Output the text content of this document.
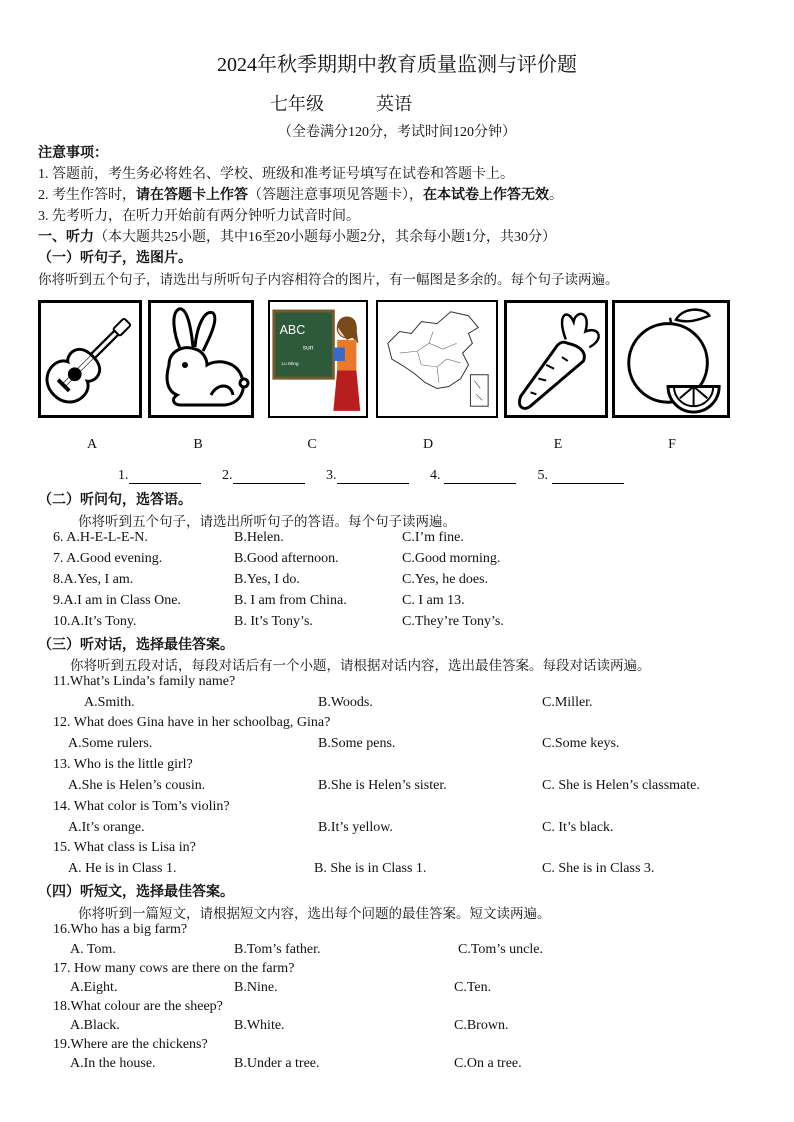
2024年秋季期期中教育质量监测与评价题
七年级	英语
（全卷满分120分，考试时间120分钟）
注意事项：
1. 答题前，考生务必将姓名、学校、班级和准考证号填写在试卷和答题卡上。
2. 考生作答时，请在答题卡上作答（答题注意事项见答题卡），在本试卷上作答无效。
3. 先考听力，在听力开始前有两分钟听力试音时间。
一、听力（本大题共25小题，其中16至20小题每小题2分，其余每小题1分，共30分）
（一）听句子，选图片。
你将听到五个句子，请选出与所听句子内容相符合的图片，有一幅图是多余的。每个句子读两遍。
ABC
sun
Lu Ming
A	B	C	D	E	F
1.	2.	3.	4.	5.
（二）听问句，选答语。
你将听到五个句子，请选出所听句子的答语。每个句子读两遍。
6. A.H-E-L-E-N.	B.Helen.	C.I’m fine.
7. A.Good evening.	B.Good afternoon.	C.Good morning.
8.A.Yes, I am.	B.Yes, I do.	C.Yes, he does.
9.A.I am in Class One.	B. I am from China.	C. I am 13.
10.A.It’s Tony.	B. It’s Tony’s.	C.They’re Tony’s.
（三）听对话，选择最佳答案。
你将听到五段对话，每段对话后有一个小题，请根据对话内容，选出最佳答案。每段对话读两遍。
11.What’s Linda’s family name?
A.Smith.	B.Woods.	C.Miller.
12. What does Gina have in her schoolbag, Gina?
A.Some rulers.	B.Some pens.	C.Some keys.
13. Who is the little girl?
A.She is Helen’s cousin.	B.She is Helen’s sister.	C. She is Helen’s classmate.
14. What color is Tom’s violin?
A.It’s orange.	B.It’s yellow.	C. It’s black.
15. What class is Lisa in?
A. He is in Class 1.	B. She is in Class 1.	C. She is in Class 3.
（四）听短文，选择最佳答案。
你将听到一篇短文，请根据短文内容，选出每个问题的最佳答案。短文读两遍。
16.Who has a big farm?
A. Tom.	B.Tom’s father.	C.Tom’s uncle.
17. How many cows are there on the farm?
A.Eight.	B.Nine.	C.Ten.
18.What colour are the sheep?
A.Black.	B.White.	C.Brown.
19.Where are the chickens?
A.In the house.	B.Under a tree.	C.On a tree.
